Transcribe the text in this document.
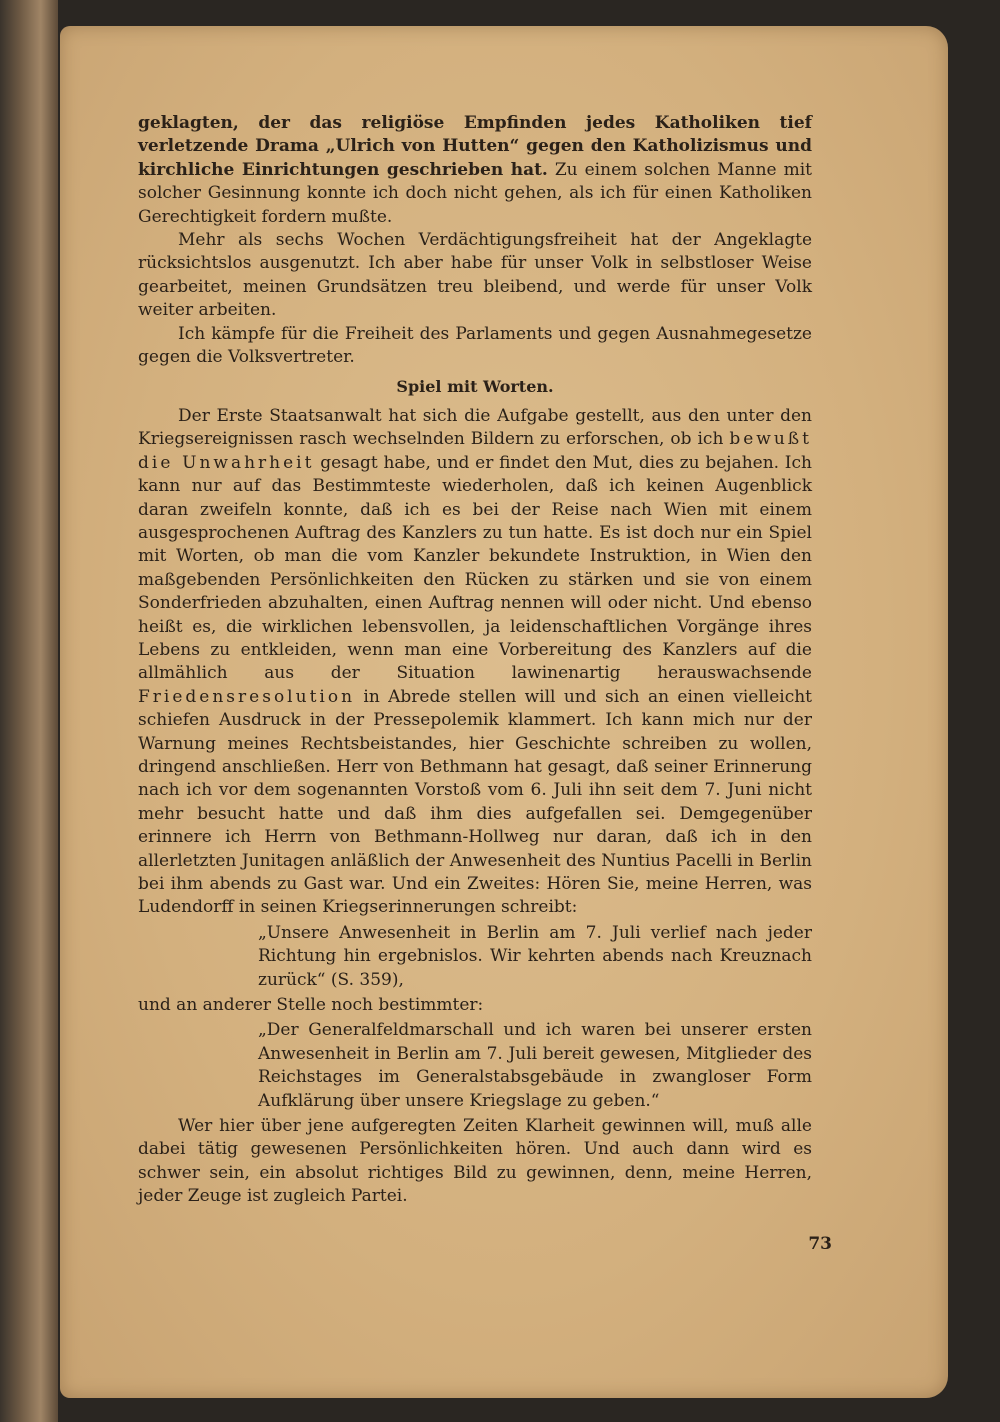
geklagten, der das religiöse Empfinden jedes Katholiken tief verletzende Drama „Ulrich von Hutten“ gegen den Katholizismus und kirchliche Einrichtungen geschrieben hat. Zu einem solchen Manne mit solcher Gesinnung konnte ich doch nicht gehen, als ich für einen Katholiken Gerechtigkeit fordern mußte.

Mehr als sechs Wochen Verdächtigungsfreiheit hat der Angeklagte rücksichtslos ausgenutzt. Ich aber habe für unser Volk in selbstloser Weise gearbeitet, meinen Grundsätzen treu bleibend, und werde für unser Volk weiter arbeiten.

Ich kämpfe für die Freiheit des Parlaments und gegen Ausnahmegesetze gegen die Volksvertreter.

Spiel mit Worten.

Der Erste Staatsanwalt hat sich die Aufgabe gestellt, aus den unter den Kriegsereignissen rasch wechselnden Bildern zu erforschen, ob ich bewußt die Unwahrheit gesagt habe, und er findet den Mut, dies zu bejahen. Ich kann nur auf das Bestimmteste wiederholen, daß ich keinen Augenblick daran zweifeln konnte, daß ich es bei der Reise nach Wien mit einem ausgesprochenen Auftrag des Kanzlers zu tun hatte. Es ist doch nur ein Spiel mit Worten, ob man die vom Kanzler bekundete Instruktion, in Wien den maßgebenden Persönlichkeiten den Rücken zu stärken und sie von einem Sonderfrieden abzuhalten, einen Auftrag nennen will oder nicht. Und ebenso heißt es, die wirklichen lebensvollen, ja leidenschaftlichen Vorgänge ihres Lebens zu entkleiden, wenn man eine Vorbereitung des Kanzlers auf die allmählich aus der Situation lawinenartig herauswachsende Friedensresolution in Abrede stellen will und sich an einen vielleicht schiefen Ausdruck in der Pressepolemik klammert. Ich kann mich nur der Warnung meines Rechtsbeistandes, hier Geschichte schreiben zu wollen, dringend anschließen. Herr von Bethmann hat gesagt, daß seiner Erinnerung nach ich vor dem sogenannten Vorstoß vom 6. Juli ihn seit dem 7. Juni nicht mehr besucht hatte und daß ihm dies aufgefallen sei. Demgegenüber erinnere ich Herrn von Bethmann-Hollweg nur daran, daß ich in den allerletzten Junitagen anläßlich der Anwesenheit des Nuntius Pacelli in Berlin bei ihm abends zu Gast war. Und ein Zweites: Hören Sie, meine Herren, was Ludendorff in seinen Kriegserinnerungen schreibt:

„Unsere Anwesenheit in Berlin am 7. Juli verlief nach jeder Richtung hin ergebnislos. Wir kehrten abends nach Kreuznach zurück“ (S. 359),

und an anderer Stelle noch bestimmter:

„Der Generalfeldmarschall und ich waren bei unserer ersten Anwesenheit in Berlin am 7. Juli bereit gewesen, Mitglieder des Reichstages im Generalstabsgebäude in zwangloser Form Aufklärung über unsere Kriegslage zu geben.“

Wer hier über jene aufgeregten Zeiten Klarheit gewinnen will, muß alle dabei tätig gewesenen Persönlichkeiten hören. Und auch dann wird es schwer sein, ein absolut richtiges Bild zu gewinnen, denn, meine Herren, jeder Zeuge ist zugleich Partei.

73
